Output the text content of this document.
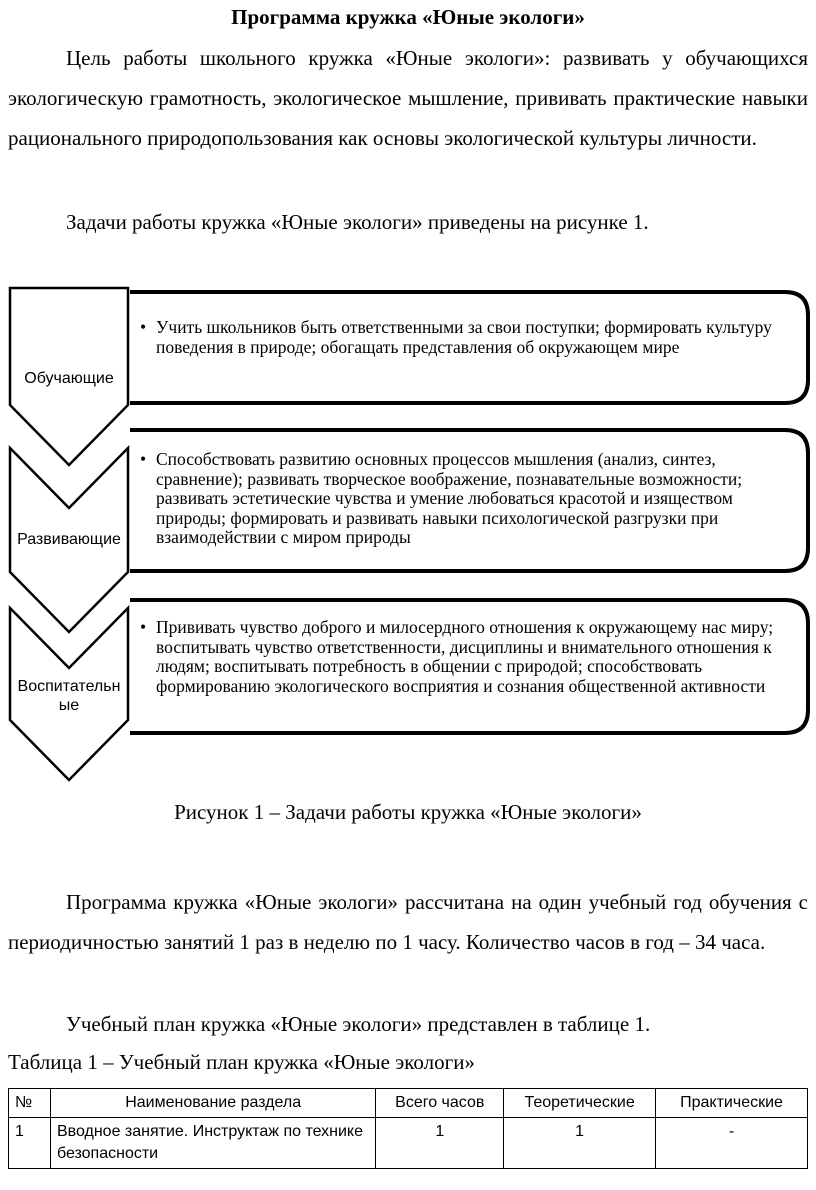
Программа кружка «Юные экологи»
Цель работы школьного кружка «Юные экологи»: развивать у обучающихся экологическую грамотность, экологическое мышление, прививать практические навыки рационального природопользования как основы экологической культуры личности.
Задачи работы кружка «Юные экологи» приведены на рисунке 1.
Обучающие
Развивающие
Воспитательные
• Учить школьников быть ответственными за свои поступки; формировать культуру поведения в природе; обогащать представления об окружающем мире
• Способствовать развитию основных процессов мышления (анализ, синтез, сравнение); развивать творческое воображение, познавательные возможности; развивать эстетические чувства и умение любоваться красотой и изяществом природы; формировать и развивать навыки психологической разгрузки при взаимодействии с миром природы
• Прививать чувство доброго и милосердного отношения к окружающему нас миру; воспитывать чувство ответственности, дисциплины и внимательного отношения к людям; воспитывать потребность в общении с природой; способствовать формированию экологического восприятия и сознания общественной активности
Рисунок 1 – Задачи работы кружка «Юные экологи»
Программа кружка «Юные экологи» рассчитана на один учебный год обучения с периодичностью занятий 1 раз в неделю по 1 часу. Количество часов в год – 34 часа.
Учебный план кружка «Юные экологи» представлен в таблице 1.
Таблица 1 – Учебный план кружка «Юные экологи»
№	Наименование раздела	Всего часов	Теоретические	Практические
1	Вводное занятие. Инструктаж по технике безопасности	1	1	-
